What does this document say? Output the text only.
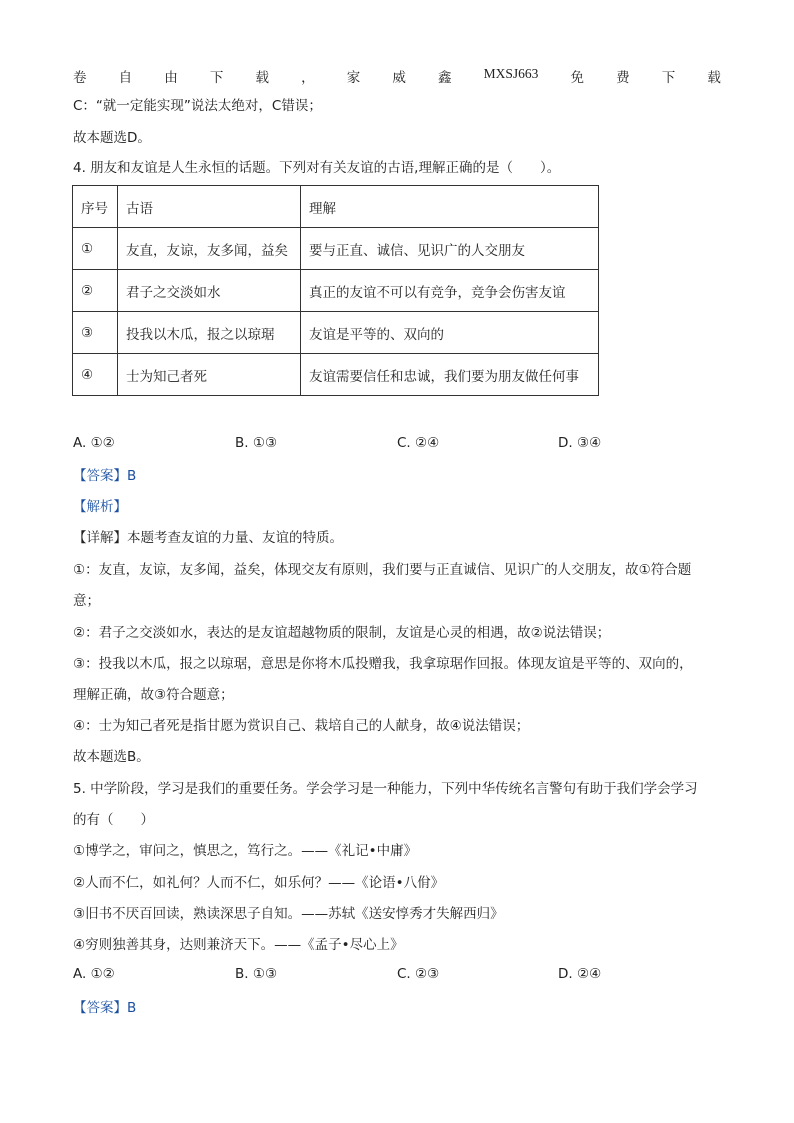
卷 自 由 下 载 ， 家 威 鑫 MXSJ663 免 费 下 载
C：“就一定能实现”说法太绝对，C错误；
故本题选D。
4. 朋友和友谊是人生永恒的话题。下列对有关友谊的古语,理解正确的是（　　）。
序号	古语	理解
①	友直，友谅，友多闻，益矣	要与正直、诚信、见识广的人交朋友
②	君子之交淡如水	真正的友谊不可以有竞争，竞争会伤害友谊
③	投我以木瓜，报之以琼琚	友谊是平等的、双向的
④	士为知己者死	友谊需要信任和忠诚，我们要为朋友做任何事
A. ①②	B. ①③	C. ②④	D. ③④
【答案】B
【解析】
【详解】本题考查友谊的力量、友谊的特质。
①：友直，友谅，友多闻，益矣，体现交友有原则，我们要与正直诚信、见识广的人交朋友，故①符合题
意；
②：君子之交淡如水，表达的是友谊超越物质的限制，友谊是心灵的相遇，故②说法错误；
③：投我以木瓜，报之以琼琚，意思是你将木瓜投赠我，我拿琼琚作回报。体现友谊是平等的、双向的，
理解正确，故③符合题意；
④：士为知己者死是指甘愿为赏识自己、栽培自己的人献身，故④说法错误；
故本题选B。
5. 中学阶段，学习是我们的重要任务。学会学习是一种能力，下列中华传统名言警句有助于我们学会学习
的有（　　）
①博学之，审问之，慎思之，笃行之。——《礼记•中庸》
②人而不仁，如礼何？人而不仁，如乐何？——《论语•八佾》
③旧书不厌百回读，熟读深思子自知。——苏轼《送安惇秀才失解西归》
④穷则独善其身，达则兼济天下。——《孟子•尽心上》
A. ①②	B. ①③	C. ②③	D. ②④
【答案】B
